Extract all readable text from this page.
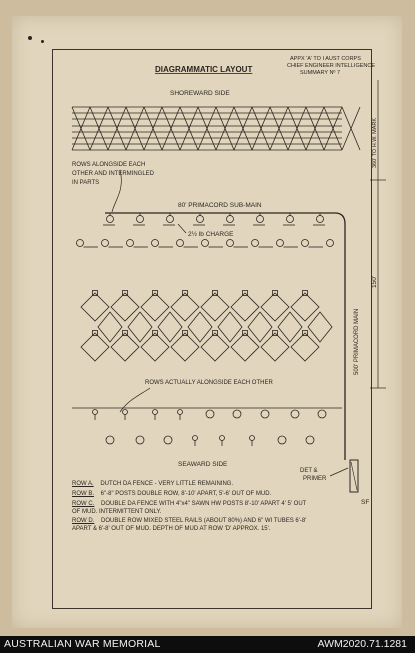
DIAGRAMMATIC LAYOUT
APPX 'A' TO I AUST CORPS
CHIEF ENGINEER INTELLIGENCE
SUMMARY Nº 7
SHOREWARD SIDE
ROWS ALONGSIDE EACH
OTHER AND INTERMINGLED
IN PARTS
80' PRIMACORD SUB-MAIN
2½ lb CHARGE
500' PRIMACORD MAIN
150'
360' TO H.W. MARK
ROWS ACTUALLY ALONGSIDE EACH OTHER
SEAWARD SIDE
DET &
PRIMER
SF
ROW A. DUTCH DA FENCE - VERY LITTLE REMAINING.
ROW B. 6"-8" POSTS DOUBLE ROW, 8'-10' APART, 5'-6' OUT OF MUD.
ROW C. DOUBLE DA FENCE WITH 4"x4" SAWN HW POSTS 8'-10' APART 4' 5' OUT OF MUD. INTERMITTENT ONLY.
ROW D. DOUBLE ROW MIXED STEEL RAILS (ABOUT 80%) AND 6" WI TUBES 6'-8' APART & 6'-8' OUT OF MUD. DEPTH OF MUD AT ROW 'D' APPROX. 15'.
AUSTRALIAN WAR MEMORIAL	AWM2020.71.1281
